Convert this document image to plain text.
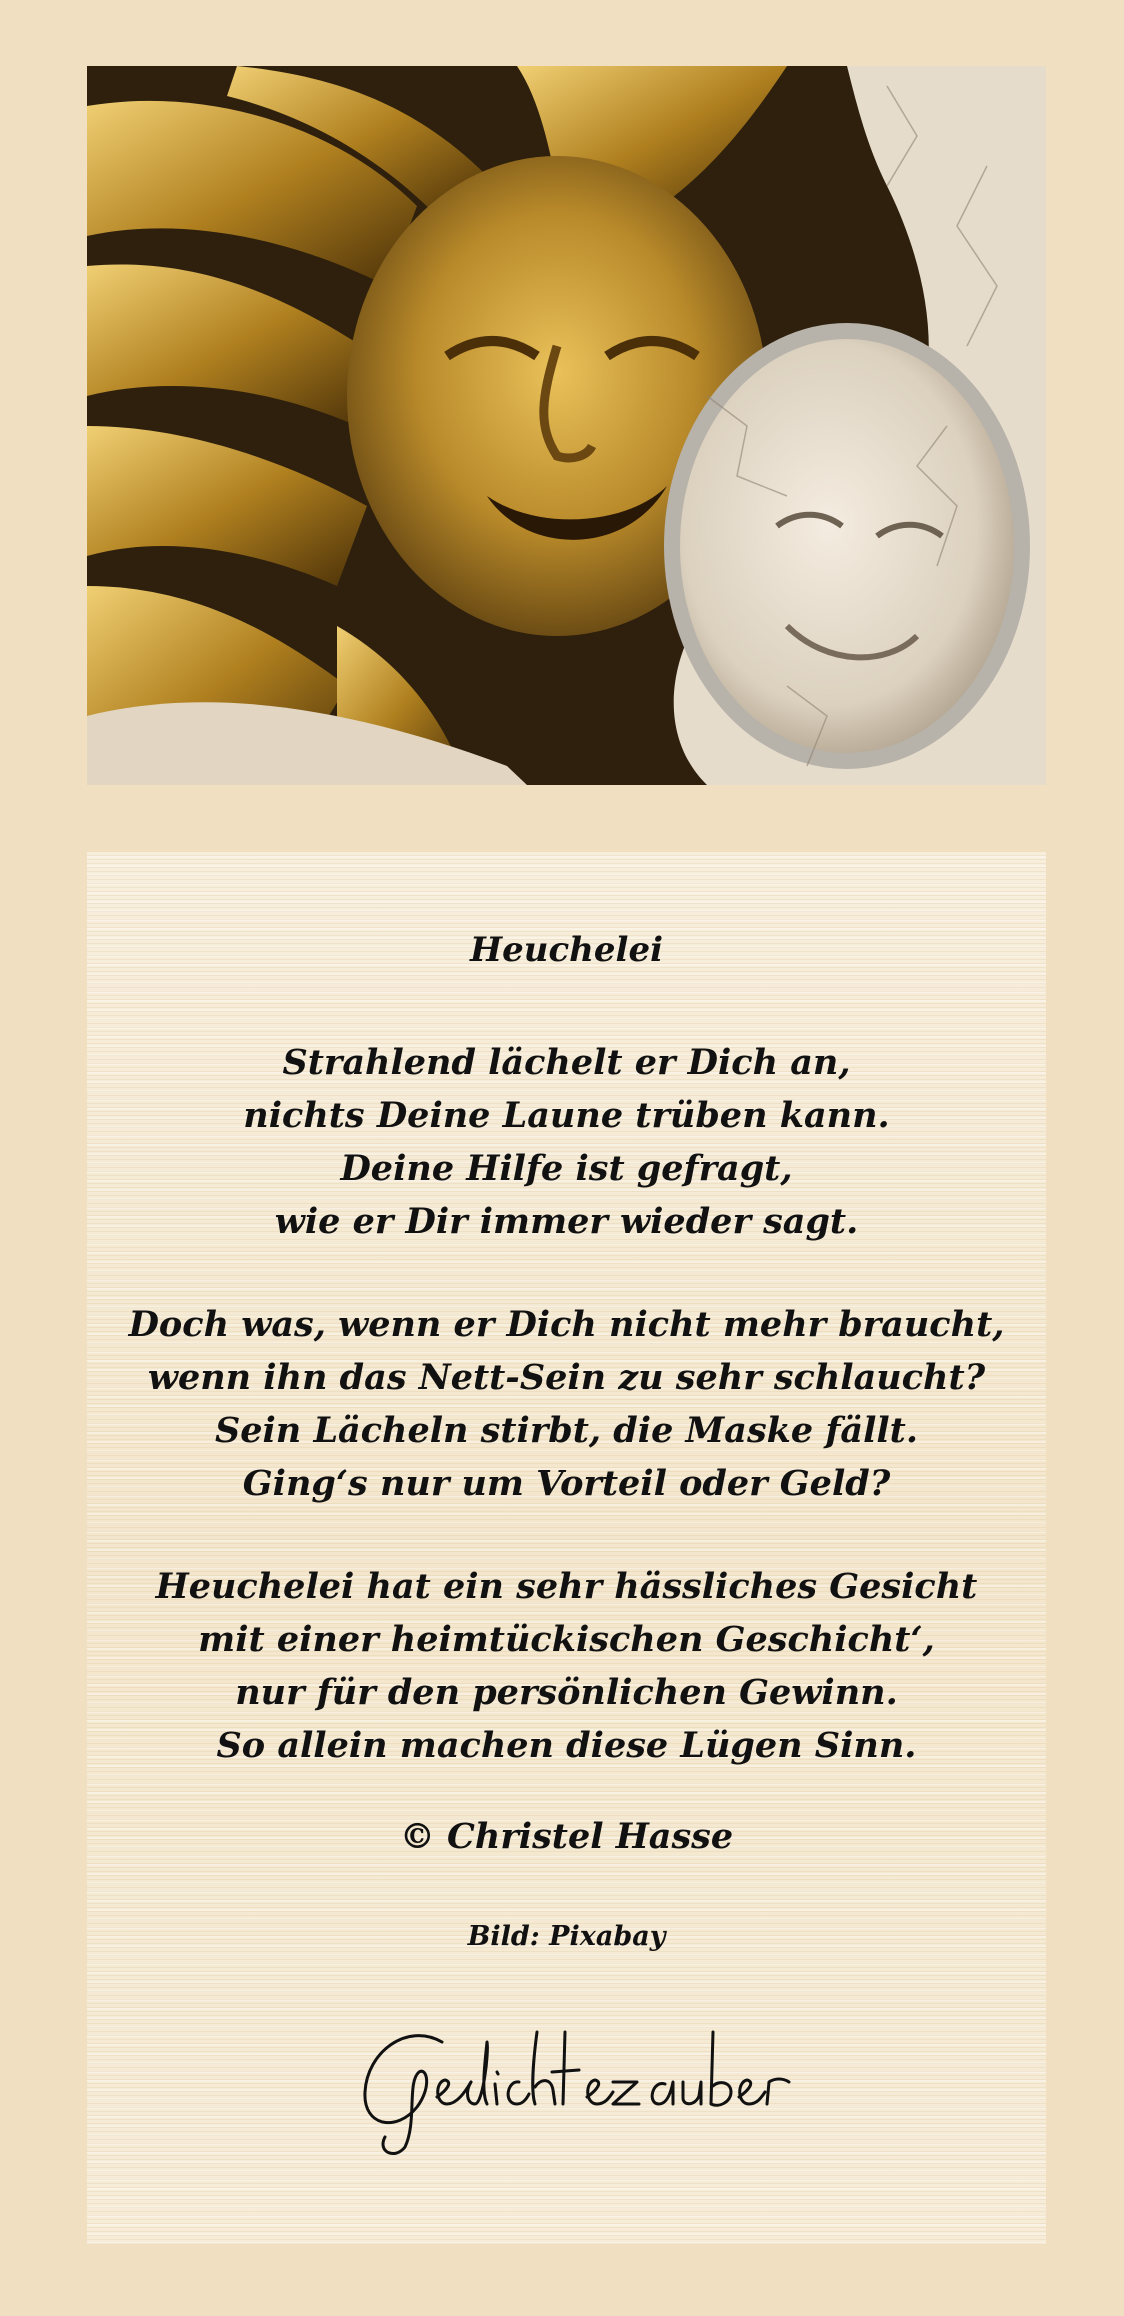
Heuchelei
Strahlend lächelt er Dich an,
nichts Deine Laune trüben kann.
Deine Hilfe ist gefragt,
wie er Dir immer wieder sagt.
Doch was, wenn er Dich nicht mehr braucht,
wenn ihn das Nett-Sein zu sehr schlaucht?
Sein Lächeln stirbt, die Maske fällt.
Ging‘s nur um Vorteil oder Geld?
Heuchelei hat ein sehr hässliches Gesicht
mit einer heimtückischen Geschicht‘,
nur für den persönlichen Gewinn.
So allein machen diese Lügen Sinn.
© Christel Hasse
Bild: Pixabay
